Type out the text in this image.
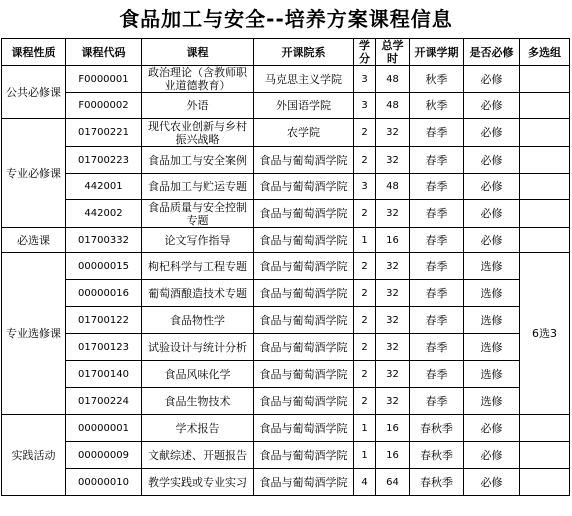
食品加工与安全--培养方案课程信息
课程性质	课程代码	课程	开课院系	学分	总学时	开课学期	是否必修	多选组
公共必修课	F0000001	政治理论（含教师职业道德教育）	马克思主义学院	3	48	秋季	必修	
	F0000002	外语	外国语学院	3	48	秋季	必修	
专业必修课	01700221	现代农业创新与乡村振兴战略	农学院	2	32	春季	必修	
	01700223	食品加工与安全案例	食品与葡萄酒学院	2	32	春季	必修	
	442001	食品加工与贮运专题	食品与葡萄酒学院	3	48	春季	必修	
	442002	食品质量与安全控制专题	食品与葡萄酒学院	2	32	春季	必修	
必选课	01700332	论文写作指导	食品与葡萄酒学院	1	16	春季	必修	
专业选修课	00000015	枸杞科学与工程专题	食品与葡萄酒学院	2	32	春季	选修	6选3
	00000016	葡萄酒酿造技术专题	食品与葡萄酒学院	2	32	春季	选修	
	01700122	食品物性学	食品与葡萄酒学院	2	32	春季	选修	
	01700123	试验设计与统计分析	食品与葡萄酒学院	2	32	春季	选修	
	01700140	食品风味化学	食品与葡萄酒学院	2	32	春季	选修	
	01700224	食品生物技术	食品与葡萄酒学院	2	32	春季	选修	
实践活动	00000001	学术报告	食品与葡萄酒学院	1	16	春秋季	必修	
	00000009	文献综述、开题报告	食品与葡萄酒学院	1	16	春秋季	必修	
	00000010	教学实践或专业实习	食品与葡萄酒学院	4	64	春秋季	必修	
